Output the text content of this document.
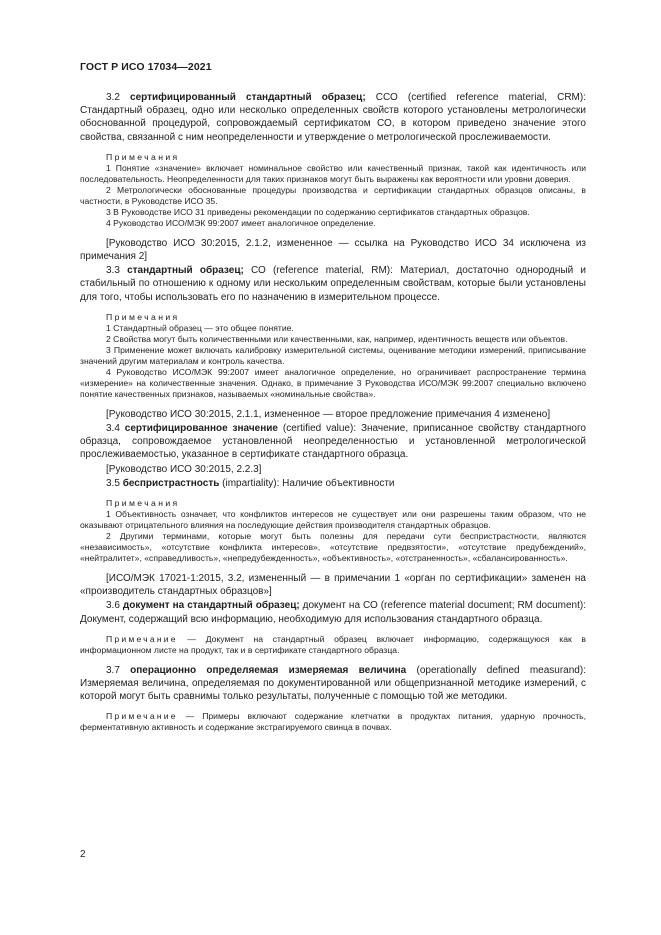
ГОСТ Р ИСО 17034—2021

3.2 сертифицированный стандартный образец; ССО (certified reference material, CRM): Стандартный образец, одно или несколько определенных свойств которого установлены метрологически обоснованной процедурой, сопровождаемый сертификатом СО, в котором приведено значение этого свойства, связанной с ним неопределенности и утверждение о метрологической прослеживаемости.

Примечания

1 Понятие «значение» включает номинальное свойство или качественный признак, такой как идентичность или последовательность. Неопределенности для таких признаков могут быть выражены как вероятности или уровни доверия.

2 Метрологически обоснованные процедуры производства и сертификации стандартных образцов описаны, в частности, в Руководстве ИСО 35.

3 В Руководстве ИСО 31 приведены рекомендации по содержанию сертификатов стандартных образцов.

4 Руководство ИСО/МЭК 99:2007 имеет аналогичное определение.

[Руководство ИСО 30:2015, 2.1.2, измененное — ссылка на Руководство ИСО 34 исключена из примечания 2]

3.3 стандартный образец; СО (reference material, RM): Материал, достаточно однородный и стабильный по отношению к одному или нескольким определенным свойствам, которые были установлены для того, чтобы использовать его по назначению в измерительном процессе.

Примечания

1 Стандартный образец — это общее понятие.

2 Свойства могут быть количественными или качественными, как, например, идентичность веществ или объектов.

3 Применение может включать калибровку измерительной системы, оценивание методики измерений, приписывание значений другим материалам и контроль качества.

4 Руководство ИСО/МЭК 99:2007 имеет аналогичное определение, но ограничивает распространение термина «измерение» на количественные значения. Однако, в примечание 3 Руководства ИСО/МЭК 99:2007 специально включено понятие качественных признаков, называемых «номинальные свойства».

[Руководство ИСО 30:2015, 2.1.1, измененное — второе предложение примечания 4 изменено]

3.4 сертифицированное значение (certified value): Значение, приписанное свойству стандартного образца, сопровождаемое установленной неопределенностью и установленной метрологической прослеживаемостью, указанное в сертификате стандартного образца.

[Руководство ИСО 30:2015, 2.2.3]

3.5 беспристрастность (impartiality): Наличие объективности

Примечания

1 Объективность означает, что конфликтов интересов не существует или они разрешены таким образом, что не оказывают отрицательного влияния на последующие действия производителя стандартных образцов.

2 Другими терминами, которые могут быть полезны для передачи сути беспристрастности, являются «независимость», «отсутствие конфликта интересов», «отсутствие предвзятости», «отсутствие предубеждений», «нейтралитет», «справедливость», «непредубежденность», «объективность», «отстраненность», «сбалансированность».

[ИСО/МЭК 17021-1:2015, 3.2, измененный — в примечании 1 «орган по сертификации» заменен на «производитель стандартных образцов»]

3.6 документ на стандартный образец; документ на СО (reference material document; RM document): Документ, содержащий всю информацию, необходимую для использования стандартного образца.

Примечание — Документ на стандартный образец включает информацию, содержащуюся как в информационном листе на продукт, так и в сертификате стандартного образца.

3.7 операционно определяемая измеряемая величина (operationally defined measurand): Измеряемая величина, определяемая по документированной или общепризнанной методике измерений, с которой могут быть сравнимы только результаты, полученные с помощью той же методики.

Примечание — Примеры включают содержание клетчатки в продуктах питания, ударную прочность, ферментативную активность и содержание экстрагируемого свинца в почвах.

2
